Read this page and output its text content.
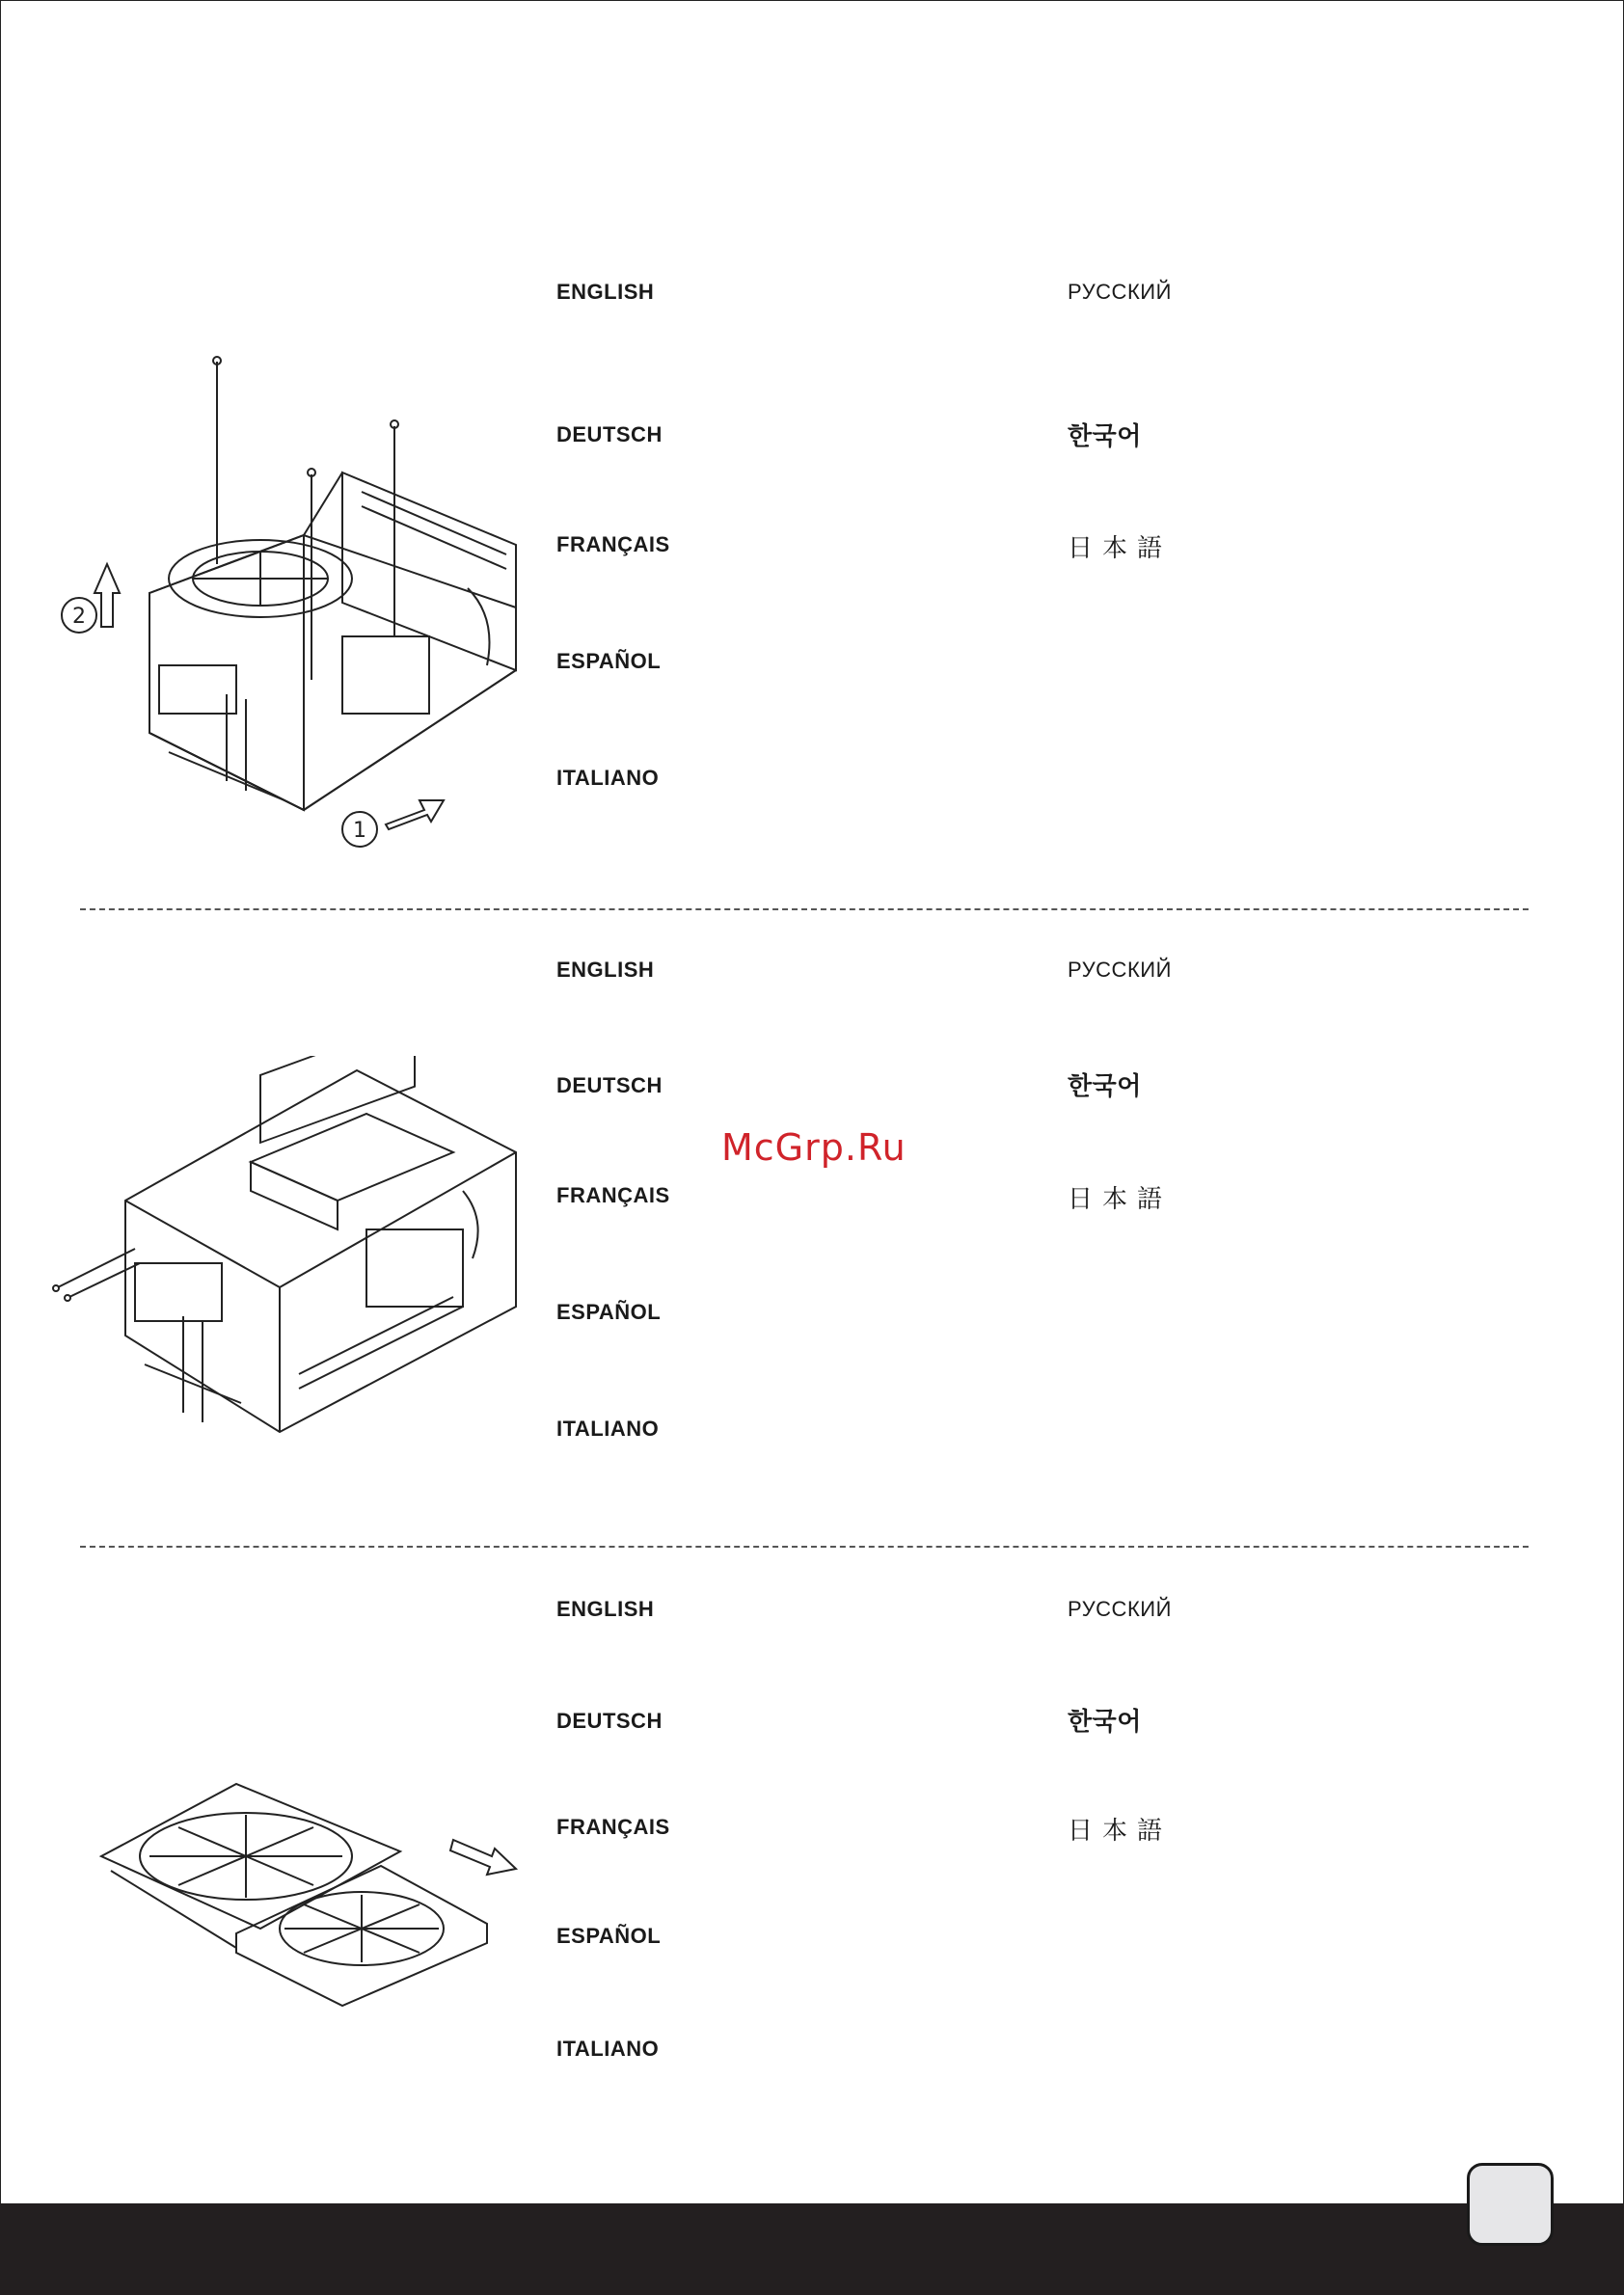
ENGLISH
DEUTSCH
FRANÇAIS
ESPAÑOL
ITALIANO
РУССКИЙ
한국어
日本語
2
1
ENGLISH
DEUTSCH
FRANÇAIS
ESPAÑOL
ITALIANO
РУССКИЙ
한국어
日本語
ENGLISH
DEUTSCH
FRANÇAIS
ESPAÑOL
ITALIANO
РУССКИЙ
한국어
日本語
McGrp.Ru
